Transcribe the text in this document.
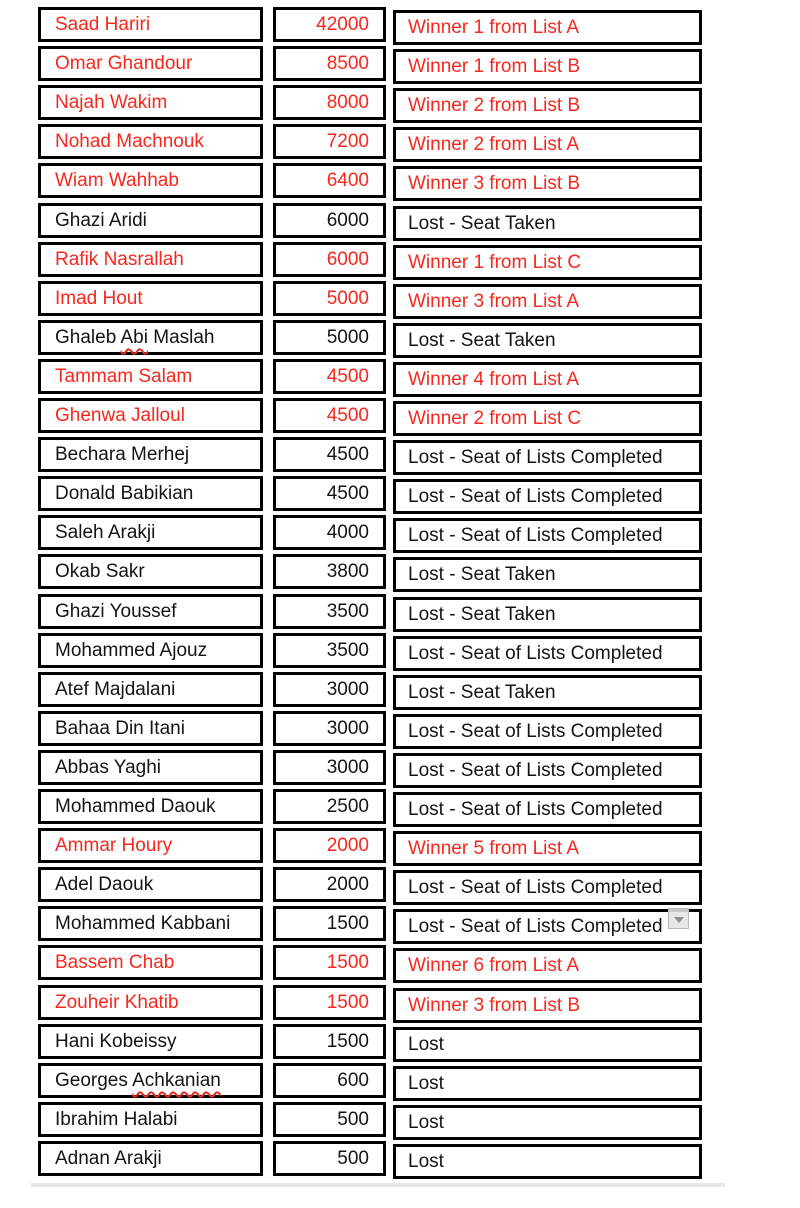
Saad Hariri	42000 Winner 1 from List A
Omar Ghandour	8500 Winner 1 from List B
Najah Wakim	8000 Winner 2 from List B
Nohad Machnouk	7200 Winner 2 from List A
Wiam Wahhab	6400 Winner 3 from List B
Ghazi Aridi	6000 Lost - Seat Taken
Rafik Nasrallah	6000 Winner 1 from List C
Imad Hout	5000 Winner 3 from List A
Ghaleb Abi Maslah	5000 Lost - Seat Taken
Tammam Salam	4500 Winner 4 from List A
Ghenwa Jalloul	4500 Winner 2 from List C
Bechara Merhej	4500 Lost - Seat of Lists Completed
Donald Babikian	4500 Lost - Seat of Lists Completed
Saleh Arakji	4000 Lost - Seat of Lists Completed
Okab Sakr	3800 Lost - Seat Taken
Ghazi Youssef	3500 Lost - Seat Taken
Mohammed Ajouz	3500 Lost - Seat of Lists Completed
Atef Majdalani	3000 Lost - Seat Taken
Bahaa Din Itani	3000 Lost - Seat of Lists Completed
Abbas Yaghi	3000 Lost - Seat of Lists Completed
Mohammed Daouk	2500 Lost - Seat of Lists Completed
Ammar Houry	2000 Winner 5 from List A
Adel Daouk	2000 Lost - Seat of Lists Completed
Mohammed Kabbani	1500 Lost - Seat of Lists Completed
Bassem Chab	1500 Winner 6 from List A
Zouheir Khatib	1500 Winner 3 from List B
Hani Kobeissy	1500 Lost
Georges Achkanian	600 Lost
Ibrahim Halabi	500 Lost
Adnan Arakji	500 Lost
